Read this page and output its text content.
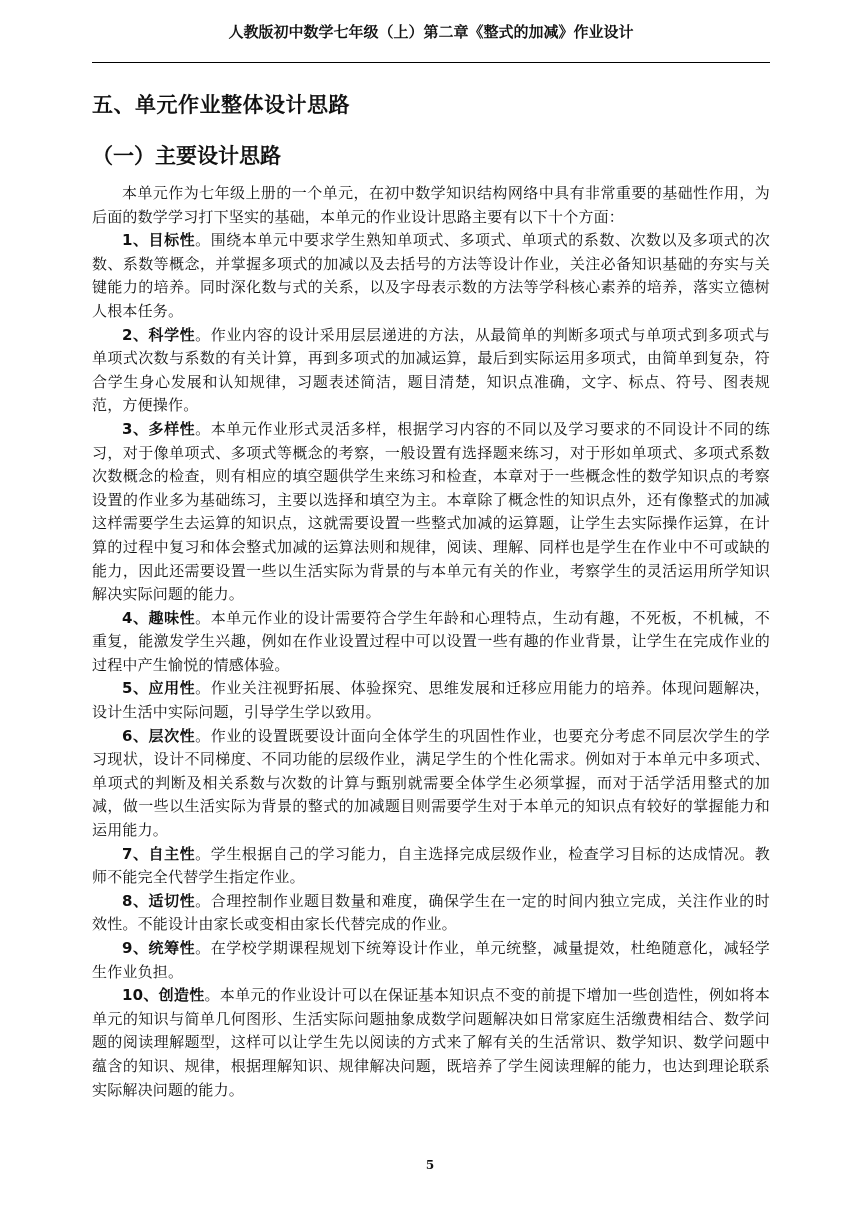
人教版初中数学七年级（上）第二章《整式的加减》作业设计
五、单元作业整体设计思路
（一）主要设计思路

本单元作为七年级上册的一个单元，在初中数学知识结构网络中具有非常重要的基础性作用，为后面的数学学习打下坚实的基础，本单元的作业设计思路主要有以下十个方面：

1、目标性。围绕本单元中要求学生熟知单项式、多项式、单项式的系数、次数以及多项式的次数、系数等概念，并掌握多项式的加减以及去括号的方法等设计作业，关注必备知识基础的夯实与关键能力的培养。同时深化数与式的关系，以及字母表示数的方法等学科核心素养的培养，落实立德树人根本任务。

2、科学性。作业内容的设计采用层层递进的方法，从最简单的判断多项式与单项式到多项式与单项式次数与系数的有关计算，再到多项式的加减运算，最后到实际运用多项式，由简单到复杂，符合学生身心发展和认知规律，习题表述简洁，题目清楚，知识点准确，文字、标点、符号、图表规范，方便操作。

3、多样性。本单元作业形式灵活多样，根据学习内容的不同以及学习要求的不同设计不同的练习，对于像单项式、多项式等概念的考察，一般设置有选择题来练习，对于形如单项式、多项式系数次数概念的检查，则有相应的填空题供学生来练习和检查，本章对于一些概念性的数学知识点的考察设置的作业多为基础练习，主要以选择和填空为主。本章除了概念性的知识点外，还有像整式的加减这样需要学生去运算的知识点，这就需要设置一些整式加减的运算题，让学生去实际操作运算，在计算的过程中复习和体会整式加减的运算法则和规律，阅读、理解、同样也是学生在作业中不可或缺的能力，因此还需要设置一些以生活实际为背景的与本单元有关的作业，考察学生的灵活运用所学知识解决实际问题的能力。

4、趣味性。本单元作业的设计需要符合学生年龄和心理特点，生动有趣，不死板，不机械，不重复，能激发学生兴趣，例如在作业设置过程中可以设置一些有趣的作业背景，让学生在完成作业的过程中产生愉悦的情感体验。

5、应用性。作业关注视野拓展、体验探究、思维发展和迁移应用能力的培养。体现问题解决，设计生活中实际问题，引导学生学以致用。

6、层次性。作业的设置既要设计面向全体学生的巩固性作业，也要充分考虑不同层次学生的学习现状，设计不同梯度、不同功能的层级作业，满足学生的个性化需求。例如对于本单元中多项式、单项式的判断及相关系数与次数的计算与甄别就需要全体学生必须掌握，而对于活学活用整式的加减，做一些以生活实际为背景的整式的加减题目则需要学生对于本单元的知识点有较好的掌握能力和运用能力。

7、自主性。学生根据自己的学习能力，自主选择完成层级作业，检查学习目标的达成情况。教师不能完全代替学生指定作业。

8、适切性。合理控制作业题目数量和难度，确保学生在一定的时间内独立完成，关注作业的时效性。不能设计由家长或变相由家长代替完成的作业。

9、统筹性。在学校学期课程规划下统筹设计作业，单元统整，减量提效，杜绝随意化，减轻学生作业负担。

10、创造性。本单元的作业设计可以在保证基本知识点不变的前提下增加一些创造性，例如将本单元的知识与简单几何图形、生活实际问题抽象成数学问题解决如日常家庭生活缴费相结合、数学问题的阅读理解题型，这样可以让学生先以阅读的方式来了解有关的生活常识、数学知识、数学问题中蕴含的知识、规律，根据理解知识、规律解决问题，既培养了学生阅读理解的能力，也达到理论联系实际解决问题的能力。

5
